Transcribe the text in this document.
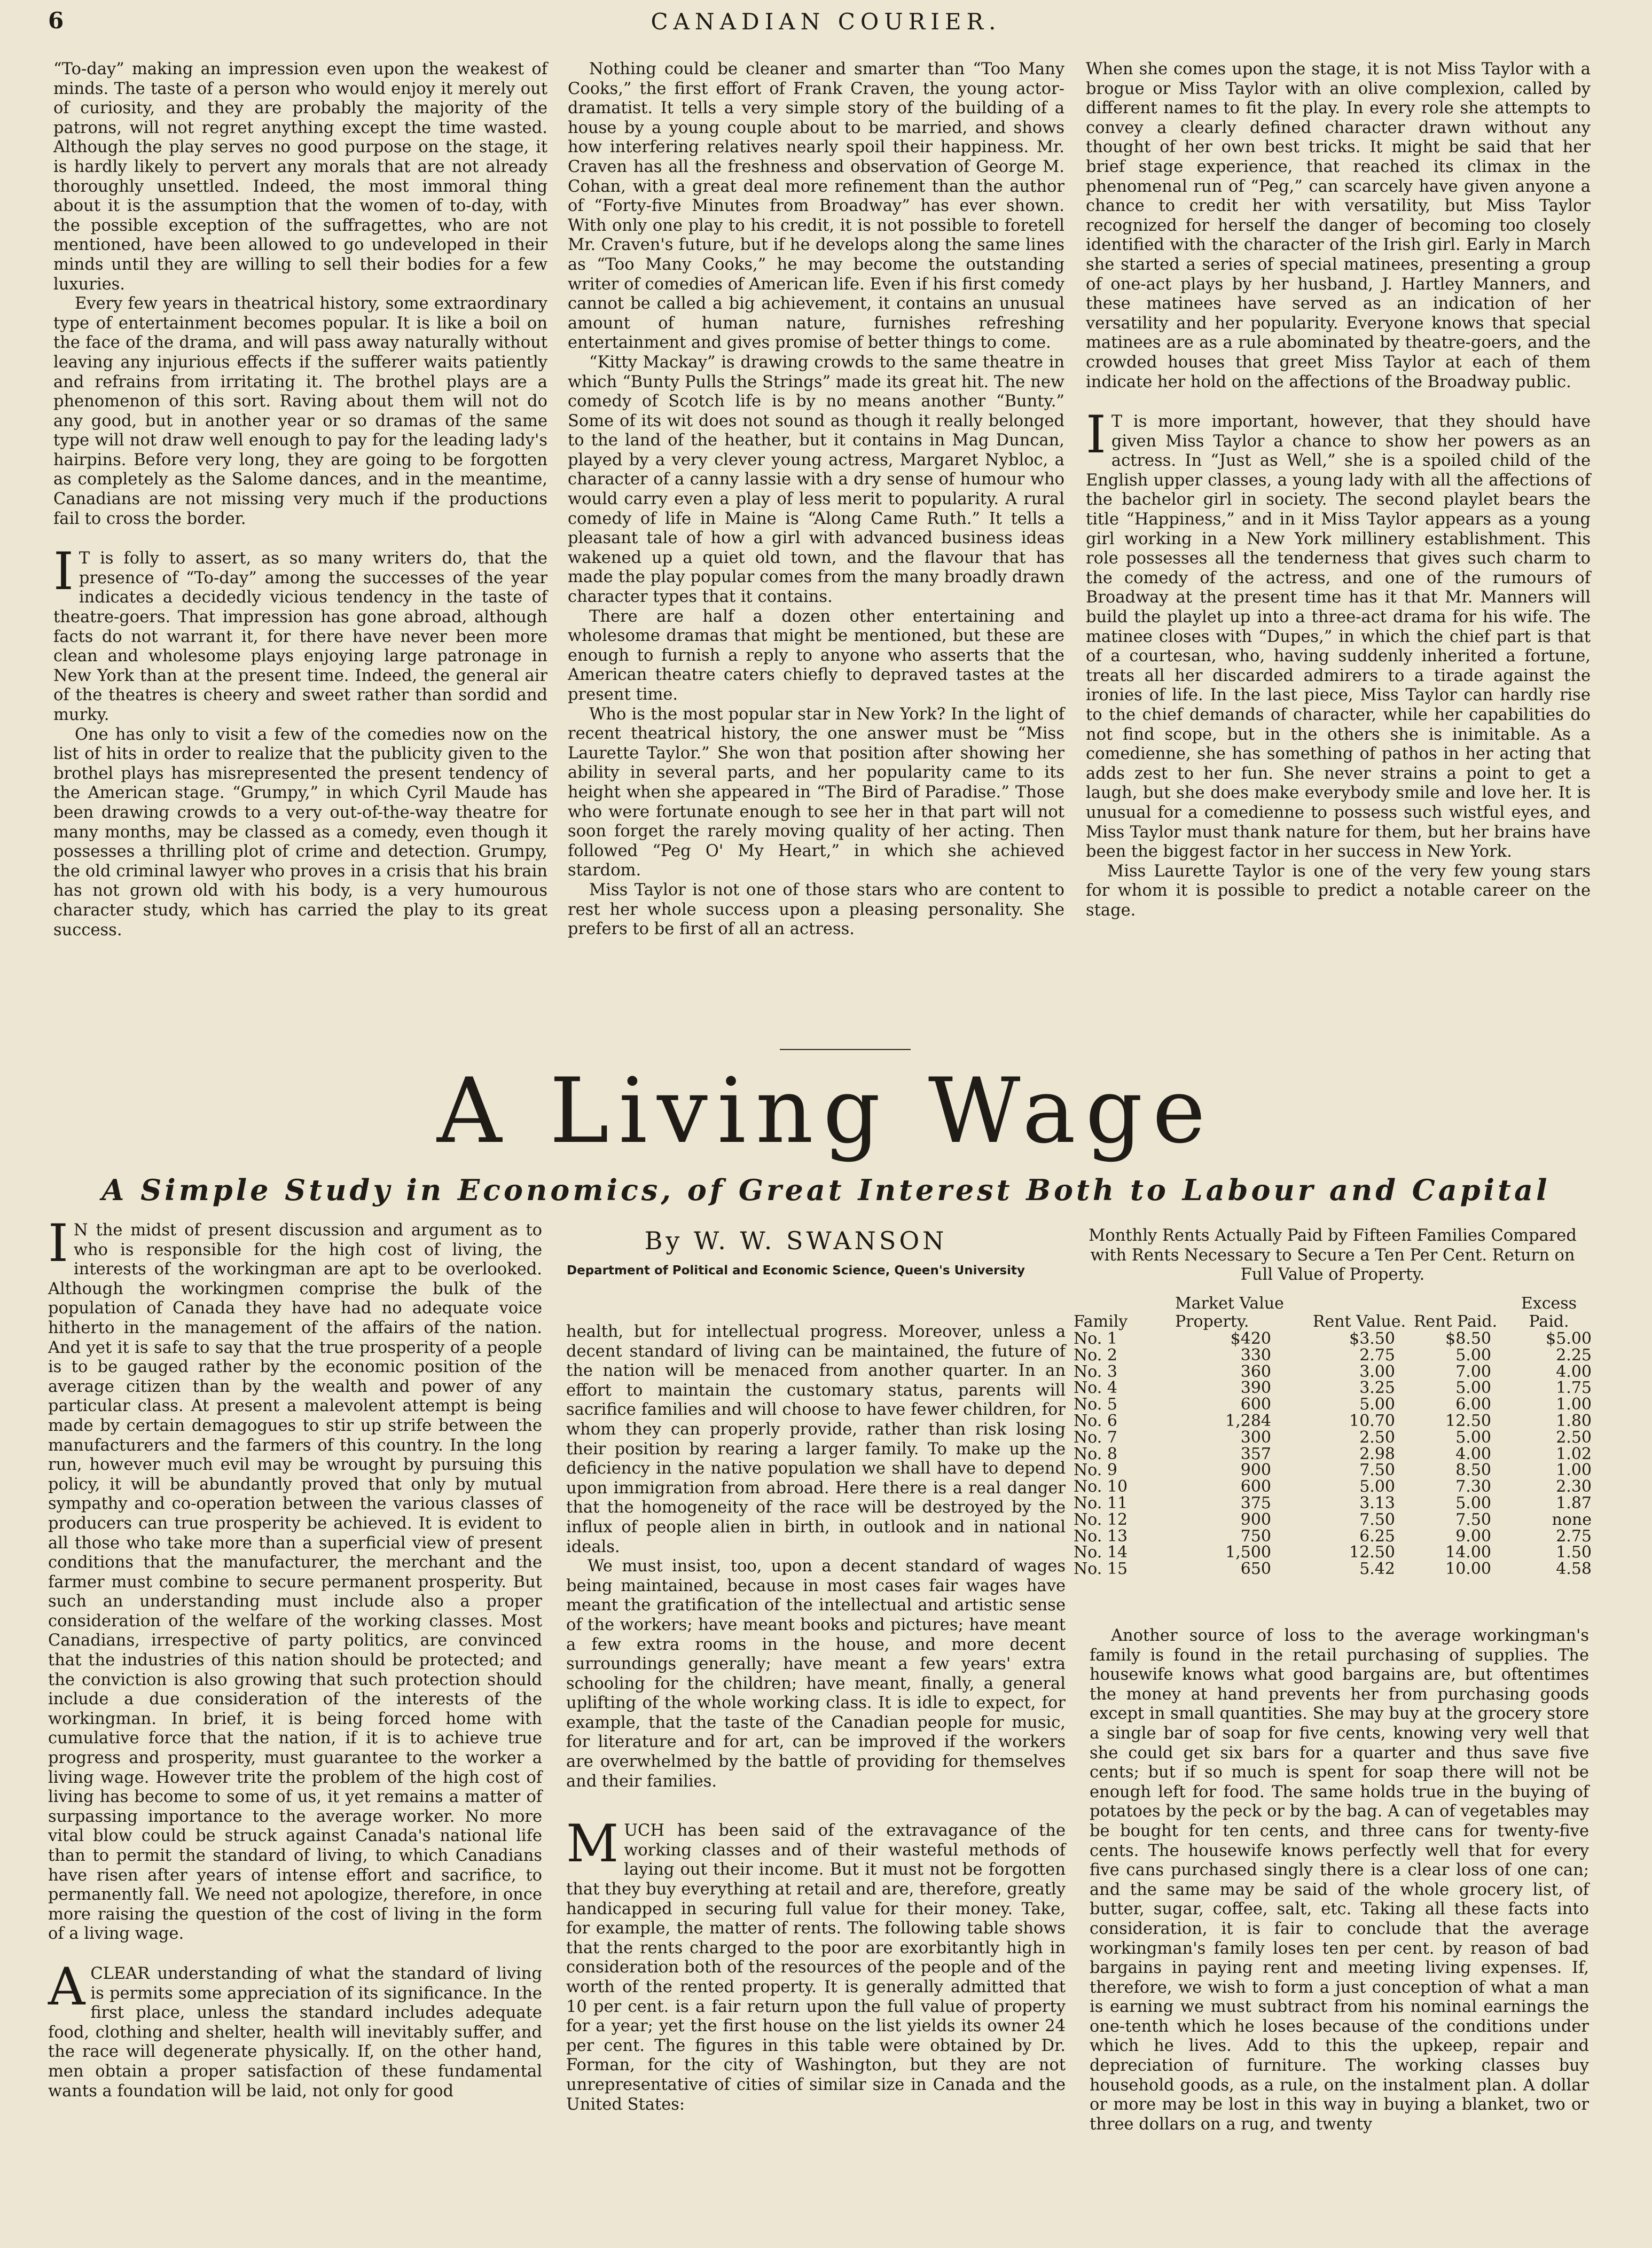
6	CANADIAN COURIER.

“To-day” making an impression even upon the weakest of minds. The taste of a person who would enjoy it merely out of curiosity, and they are probably the majority of the patrons, will not regret anything except the time wasted. Although the play serves no good purpose on the stage, it is hardly likely to pervert any morals that are not already thoroughly unsettled. Indeed, the most immoral thing about it is the assumption that the women of to-day, with the possible exception of the suffragettes, who are not mentioned, have been allowed to go undeveloped in their minds until they are willing to sell their bodies for a few luxuries.

Every few years in theatrical history, some extraordinary type of entertainment becomes popular. It is like a boil on the face of the drama, and will pass away naturally without leaving any injurious effects if the sufferer waits patiently and refrains from irritating it. The brothel plays are a phenomenon of this sort. Raving about them will not do any good, but in another year or so dramas of the same type will not draw well enough to pay for the leading lady's hairpins. Before very long, they are going to be forgotten as completely as the Salome dances, and in the meantime, Canadians are not missing very much if the productions fail to cross the border.

I T is folly to assert, as so many writers do, that the presence of “To-day” among the successes of the year indicates a decidedly vicious tendency in the taste of theatre-goers. That impression has gone abroad, although facts do not warrant it, for there have never been more clean and wholesome plays enjoying large patronage in New York than at the present time. Indeed, the general air of the theatres is cheery and sweet rather than sordid and murky.

One has only to visit a few of the comedies now on the list of hits in order to realize that the publicity given to the brothel plays has misrepresented the present tendency of the American stage. “Grumpy,” in which Cyril Maude has been drawing crowds to a very out-of-the-way theatre for many months, may be classed as a comedy, even though it possesses a thrilling plot of crime and detection. Grumpy, the old criminal lawyer who proves in a crisis that his brain has not grown old with his body, is a very humourous character study, which has carried the play to its great success.

Nothing could be cleaner and smarter than “Too Many Cooks,” the first effort of Frank Craven, the young actor-dramatist. It tells a very simple story of the building of a house by a young couple about to be married, and shows how interfering relatives nearly spoil their happiness. Mr. Craven has all the freshness and observation of George M. Cohan, with a great deal more refinement than the author of “Forty-five Minutes from Broadway” has ever shown. With only one play to his credit, it is not possible to foretell Mr. Craven's future, but if he develops along the same lines as “Too Many Cooks,” he may become the outstanding writer of comedies of American life. Even if his first comedy cannot be called a big achievement, it contains an unusual amount of human nature, furnishes refreshing entertainment and gives promise of better things to come.

“Kitty Mackay” is drawing crowds to the same theatre in which “Bunty Pulls the Strings” made its great hit. The new comedy of Scotch life is by no means another “Bunty.” Some of its wit does not sound as though it really belonged to the land of the heather, but it contains in Mag Duncan, played by a very clever young actress, Margaret Nybloc, a character of a canny lassie with a dry sense of humour who would carry even a play of less merit to popularity. A rural comedy of life in Maine is “Along Came Ruth.” It tells a pleasant tale of how a girl with advanced business ideas wakened up a quiet old town, and the flavour that has made the play popular comes from the many broadly drawn character types that it contains.

There are half a dozen other entertaining and wholesome dramas that might be mentioned, but these are enough to furnish a reply to anyone who asserts that the American theatre caters chiefly to depraved tastes at the present time.

Who is the most popular star in New York? In the light of recent theatrical history, the one answer must be “Miss Laurette Taylor.” She won that position after showing her ability in several parts, and her popularity came to its height when she appeared in “The Bird of Paradise.” Those who were fortunate enough to see her in that part will not soon forget the rarely moving quality of her acting. Then followed “Peg O' My Heart,” in which she achieved stardom.

Miss Taylor is not one of those stars who are content to rest her whole success upon a pleasing personality. She prefers to be first of all an actress.

When she comes upon the stage, it is not Miss Taylor with a brogue or Miss Taylor with an olive complexion, called by different names to fit the play. In every role she attempts to convey a clearly defined character drawn without any thought of her own best tricks. It might be said that her brief stage experience, that reached its climax in the phenomenal run of “Peg,” can scarcely have given anyone a chance to credit her with versatility, but Miss Taylor recognized for herself the danger of becoming too closely identified with the character of the Irish girl. Early in March she started a series of special matinees, presenting a group of one-act plays by her husband, J. Hartley Manners, and these matinees have served as an indication of her versatility and her popularity. Everyone knows that special matinees are as a rule abominated by theatre-goers, and the crowded houses that greet Miss Taylor at each of them indicate her hold on the affections of the Broadway public.

I T is more important, however, that they should have given Miss Taylor a chance to show her powers as an actress. In “Just as Well,” she is a spoiled child of the English upper classes, a young lady with all the affections of the bachelor girl in society. The second playlet bears the title “Happiness,” and in it Miss Taylor appears as a young girl working in a New York millinery establishment. This role possesses all the tenderness that gives such charm to the comedy of the actress, and one of the rumours of Broadway at the present time has it that Mr. Manners will build the playlet up into a three-act drama for his wife. The matinee closes with “Dupes,” in which the chief part is that of a courtesan, who, having suddenly inherited a fortune, treats all her discarded admirers to a tirade against the ironies of life. In the last piece, Miss Taylor can hardly rise to the chief demands of character, while her capabilities do not find scope, but in the others she is inimitable. As a comedienne, she has something of pathos in her acting that adds zest to her fun. She never strains a point to get a laugh, but she does make everybody smile and love her. It is unusual for a comedienne to possess such wistful eyes, and Miss Taylor must thank nature for them, but her brains have been the biggest factor in her success in New York.

Miss Laurette Taylor is one of the very few young stars for whom it is possible to predict a notable career on the stage.

A Living Wage
A Simple Study in Economics, of Great Interest Both to Labour and Capital
By W. W. SWANSON
Department of Political and Economic Science, Queen's University

I N the midst of present discussion and argument as to who is responsible for the high cost of living, the interests of the workingman are apt to be overlooked. Although the workingmen comprise the bulk of the population of Canada they have had no adequate voice hitherto in the management of the affairs of the nation. And yet it is safe to say that the true prosperity of a people is to be gauged rather by the economic position of the average citizen than by the wealth and power of any particular class. At present a malevolent attempt is being made by certain demagogues to stir up strife between the manufacturers and the farmers of this country. In the long run, however much evil may be wrought by pursuing this policy, it will be abundantly proved that only by mutual sympathy and co-operation between the various classes of producers can true prosperity be achieved. It is evident to all those who take more than a superficial view of present conditions that the manufacturer, the merchant and the farmer must combine to secure permanent prosperity. But such an understanding must include also a proper consideration of the welfare of the working classes. Most Canadians, irrespective of party politics, are convinced that the industries of this nation should be protected; and the conviction is also growing that such protection should include a due consideration of the interests of the workingman. In brief, it is being forced home with cumulative force that the nation, if it is to achieve true progress and prosperity, must guarantee to the worker a living wage. However trite the problem of the high cost of living has become to some of us, it yet remains a matter of surpassing importance to the average worker. No more vital blow could be struck against Canada's national life than to permit the standard of living, to which Canadians have risen after years of intense effort and sacrifice, to permanently fall. We need not apologize, therefore, in once more raising the question of the cost of living in the form of a living wage.

ACLEAR understanding of what the standard of living is permits some appreciation of its significance. In the first place, unless the standard includes adequate food, clothing and shelter, health will inevitably suffer, and the race will degenerate physically. If, on the other hand, men obtain a proper satisfaction of these fundamental wants a foundation will be laid, not only for good

health, but for intellectual progress. Moreover, unless a decent standard of living can be maintained, the future of the nation will be menaced from another quarter. In an effort to maintain the customary status, parents will sacrifice families and will choose to have fewer children, for whom they can properly provide, rather than risk losing their position by rearing a larger family. To make up the deficiency in the native population we shall have to depend upon immigration from abroad. Here there is a real danger that the homogeneity of the race will be destroyed by the influx of people alien in birth, in outlook and in national ideals.

We must insist, too, upon a decent standard of wages being maintained, because in most cases fair wages have meant the gratification of the intellectual and artistic sense of the workers; have meant books and pictures; have meant a few extra rooms in the house, and more decent surroundings generally; have meant a few years' extra schooling for the children; have meant, finally, a general uplifting of the whole working class. It is idle to expect, for example, that the taste of the Canadian people for music, for literature and for art, can be improved if the workers are overwhelmed by the battle of providing for themselves and their families.

MUCH has been said of the extravagance of the working classes and of their wasteful methods of laying out their income. But it must not be forgotten that they buy everything at retail and are, therefore, greatly handicapped in securing full value for their money. Take, for example, the matter of rents. The following table shows that the rents charged to the poor are exorbitantly high in consideration both of the resources of the people and of the worth of the rented property. It is generally admitted that 10 per cent. is a fair return upon the full value of property for a year; yet the first house on the list yields its owner 24 per cent. The figures in this table were obtained by Dr. Forman, for the city of Washington, but they are not unrepresentative of cities of similar size in Canada and the United States:

Monthly Rents Actually Paid by Fifteen Families Compared with Rents Necessary to Secure a Ten Per Cent. Return on Full Value of Property.
Family	Market Value Property.	Rent Value.	Rent Paid.	Excess Paid.
No. 1	$420	$3.50	$8.50	$5.00
No. 2	330	2.75	5.00	2.25
No. 3	360	3.00	7.00	4.00
No. 4	390	3.25	5.00	1.75
No. 5	600	5.00	6.00	1.00
No. 6	1,284	10.70	12.50	1.80
No. 7	300	2.50	5.00	2.50
No. 8	357	2.98	4.00	1.02
No. 9	900	7.50	8.50	1.00
No. 10	600	5.00	7.30	2.30
No. 11	375	3.13	5.00	1.87
No. 12	900	7.50	7.50	none
No. 13	750	6.25	9.00	2.75
No. 14	1,500	12.50	14.00	1.50
No. 15	650	5.42	10.00	4.58

Another source of loss to the average workingman's family is found in the retail purchasing of supplies. The housewife knows what good bargains are, but oftentimes the money at hand prevents her from purchasing goods except in small quantities. She may buy at the grocery store a single bar of soap for five cents, knowing very well that she could get six bars for a quarter and thus save five cents; but if so much is spent for soap there will not be enough left for food. The same holds true in the buying of potatoes by the peck or by the bag. A can of vegetables may be bought for ten cents, and three cans for twenty-five cents. The housewife knows perfectly well that for every five cans purchased singly there is a clear loss of one can; and the same may be said of the whole grocery list, of butter, sugar, coffee, salt, etc. Taking all these facts into consideration, it is fair to conclude that the average workingman's family loses ten per cent. by reason of bad bargains in paying rent and meeting living expenses. If, therefore, we wish to form a just conception of what a man is earning we must subtract from his nominal earnings the one-tenth which he loses because of the conditions under which he lives. Add to this the upkeep, repair and depreciation of furniture. The working classes buy household goods, as a rule, on the instalment plan. A dollar or more may be lost in this way in buying a blanket, two or three dollars on a rug, and twenty
